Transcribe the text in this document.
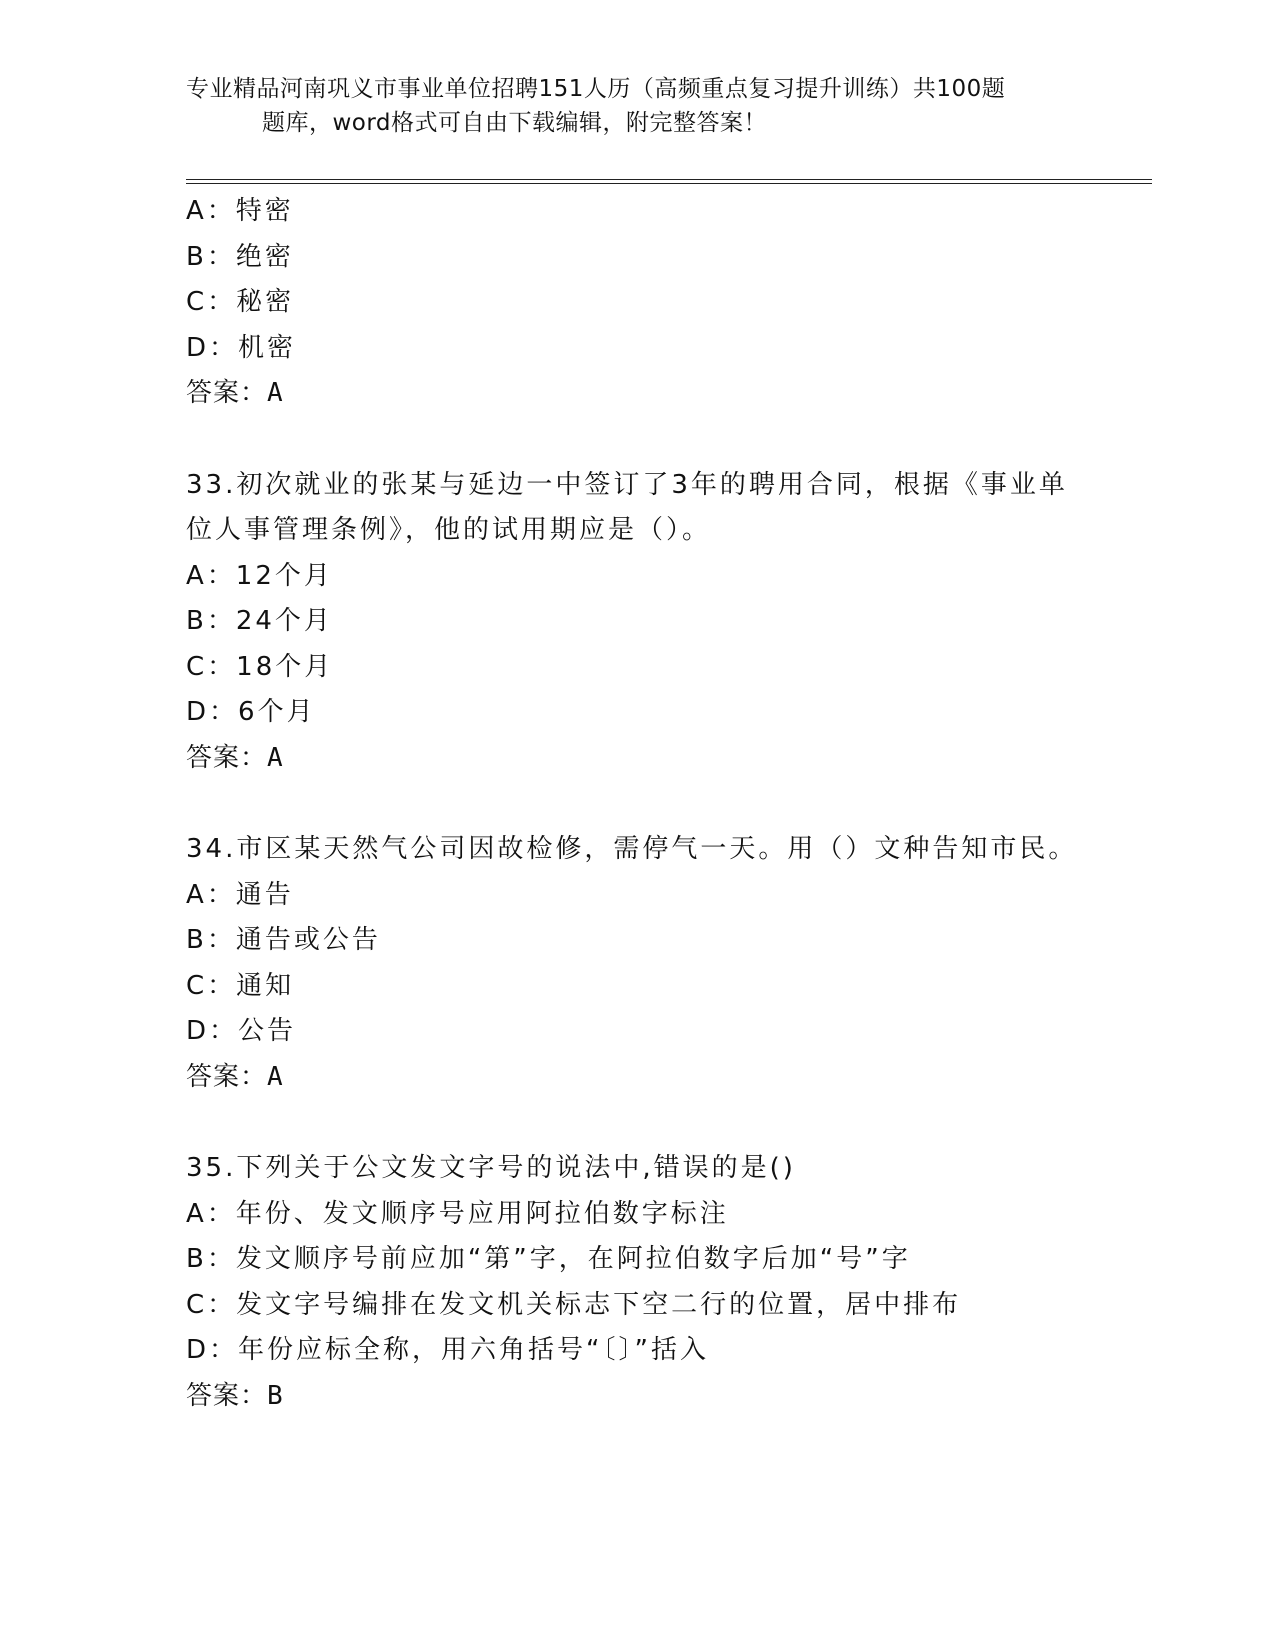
专业精品河南巩义市事业单位招聘151人历（高频重点复习提升训练）共100题
题库，word格式可自由下载编辑，附完整答案！
A：特密
B：绝密
C：秘密
D：机密
答案：A
33.初次就业的张某与延边一中签订了3年的聘用合同，根据《事业单
位人事管理条例》，他的试用期应是（）。
A：12个月
B：24个月
C：18个月
D：6个月
答案：A
34.市区某天然气公司因故检修，需停气一天。用（）文种告知市民。
A：通告
B：通告或公告
C：通知
D：公告
答案：A
35.下列关于公文发文字号的说法中,错误的是()
A：年份、发文顺序号应用阿拉伯数字标注
B：发文顺序号前应加“第”字，在阿拉伯数字后加“号”字
C：发文字号编排在发文机关标志下空二行的位置，居中排布
D：年份应标全称，用六角括号“〔〕”括入
答案：B
